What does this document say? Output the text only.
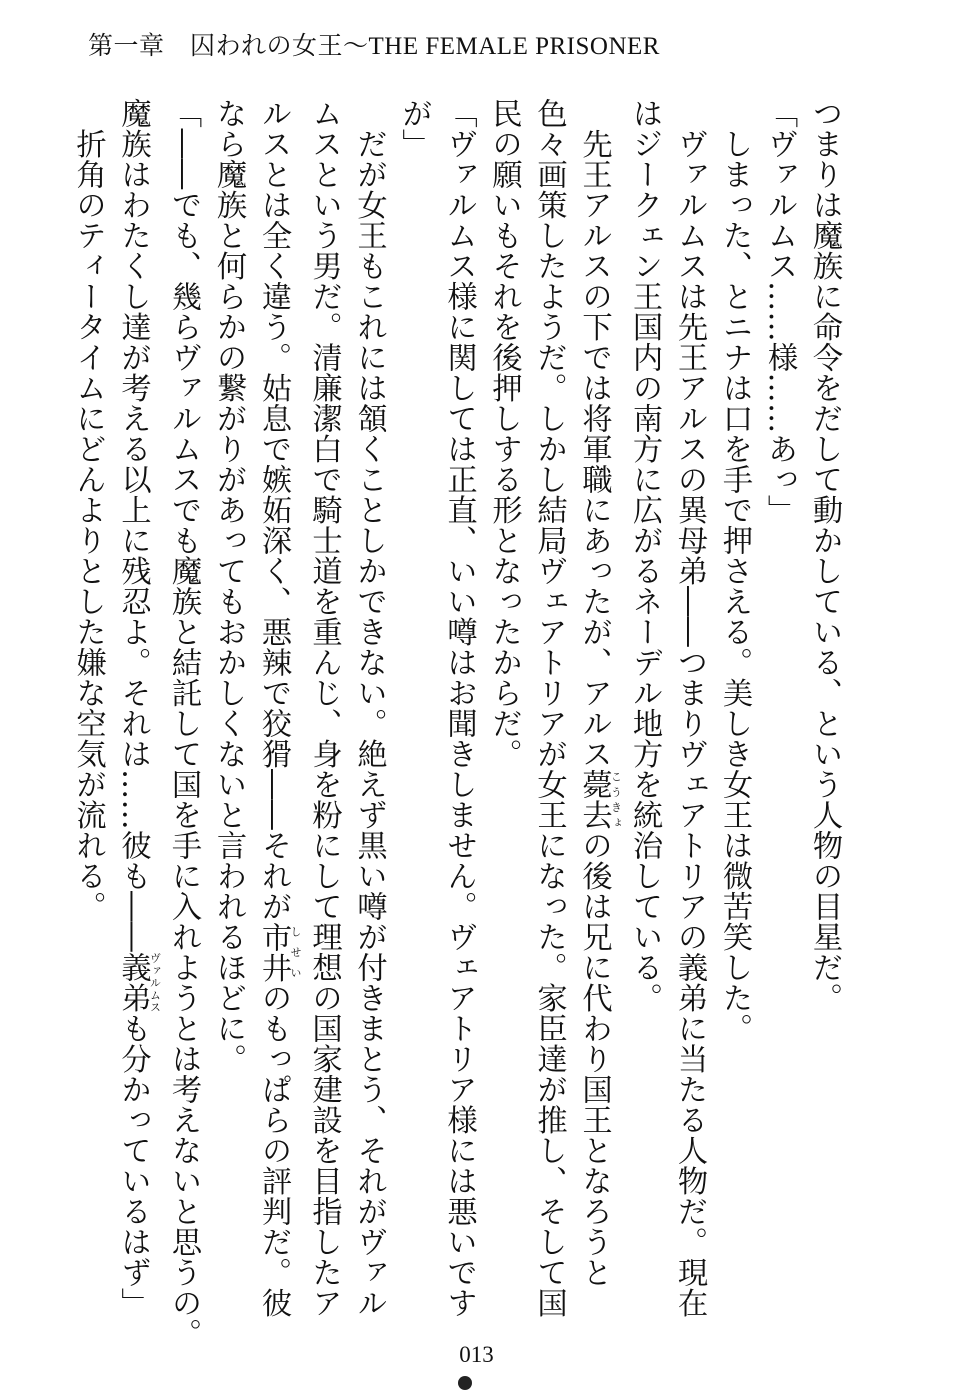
第一章　囚われの女王～THE FEMALE PRISONER
つまりは魔族に命令をだして動かしている、という人物の目星だ。
「ヴァルムス……様……あっ」
　しまった、とニナは口を手で押さえる。美しき女王は微苦笑した。
　ヴァルムスは先王アルスの異母弟――つまりヴェアトリアの義弟に当たる人物だ。現在
はジークェン王国内の南方に広がるネーデル地方を統治している。
　先王アルスの下では将軍職にあったが、アルス薨去こうきょの後は兄に代わり国王となろうと
色々画策したようだ。しかし結局ヴェアトリアが女王になった。家臣達が推し、そして国
民の願いもそれを後押しする形となったからだ。
「ヴァルムス様に関しては正直、いい噂はお聞きしません。ヴェアトリア様には悪いです
が」
　だが女王もこれには頷くことしかできない。絶えず黒い噂が付きまとう、それがヴァル
ムスという男だ。清廉潔白で騎士道を重んじ、身を粉にして理想の国家建設を目指したア
ルスとは全く違う。姑息で嫉妬深く、悪辣で狡猾――それが市井しせいのもっぱらの評判だ。彼
なら魔族と何らかの繋がりがあってもおかしくないと言われるほどに。
「――でも、幾らヴァルムスでも魔族と結託して国を手に入れようとは考えないと思うの。
魔族はわたくし達が考える以上に残忍よ。それは……彼も――義弟ヴァルムスも分かっているはず」
　折角のティータイムにどんよりとした嫌な空気が流れる。
013
